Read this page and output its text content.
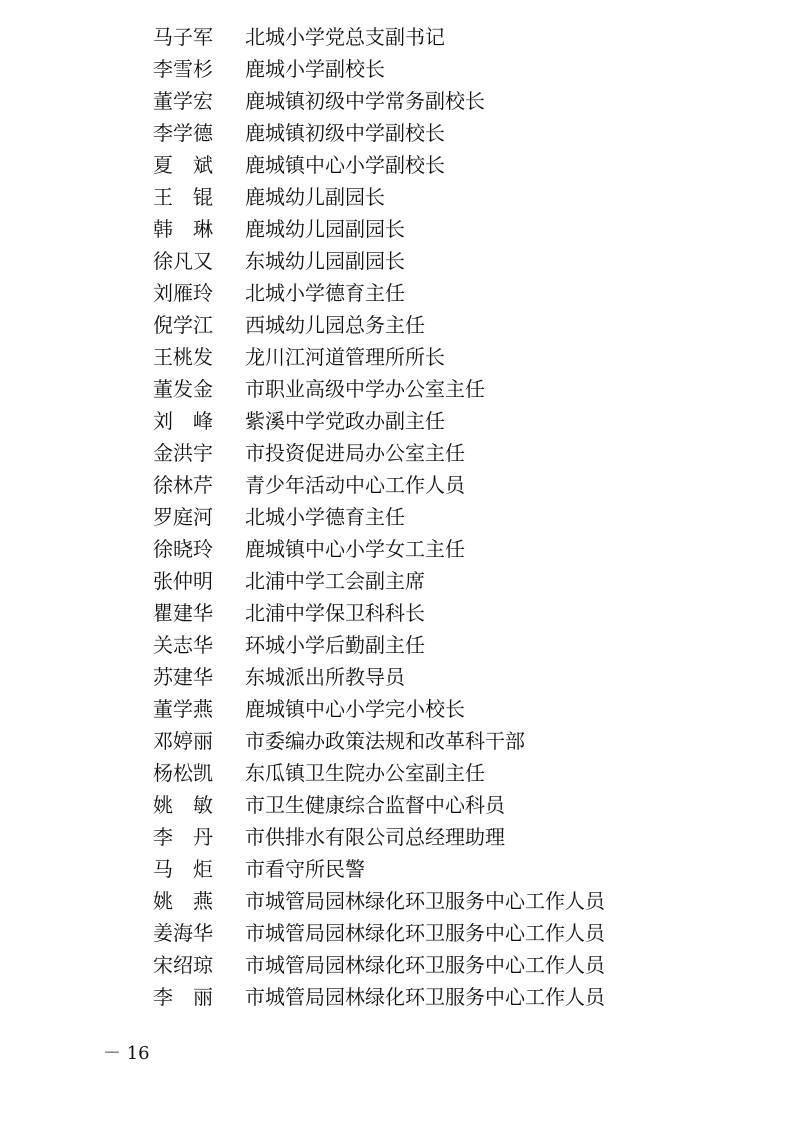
马子军	北城小学党总支副书记
李雪杉	鹿城小学副校长
董学宏	鹿城镇初级中学常务副校长
李学德	鹿城镇初级中学副校长
夏　斌	鹿城镇中心小学副校长
王　锟	鹿城幼儿副园长
韩　琳	鹿城幼儿园副园长
徐凡又	东城幼儿园副园长
刘雁玲	北城小学德育主任
倪学江	西城幼儿园总务主任
王桃发	龙川江河道管理所所长
董发金	市职业高级中学办公室主任
刘　峰	紫溪中学党政办副主任
金洪宇	市投资促进局办公室主任
徐林芹	青少年活动中心工作人员
罗庭河	北城小学德育主任
徐晓玲	鹿城镇中心小学女工主任
张仲明	北浦中学工会副主席
瞿建华	北浦中学保卫科科长
关志华	环城小学后勤副主任
苏建华	东城派出所教导员
董学燕	鹿城镇中心小学完小校长
邓婷丽	市委编办政策法规和改革科干部
杨松凯	东瓜镇卫生院办公室副主任
姚　敏	市卫生健康综合监督中心科员
李　丹	市供排水有限公司总经理助理
马　炬	市看守所民警
姚　燕	市城管局园林绿化环卫服务中心工作人员
姜海华	市城管局园林绿化环卫服务中心工作人员
宋绍琼	市城管局园林绿化环卫服务中心工作人员
李　丽	市城管局园林绿化环卫服务中心工作人员
－ 16
